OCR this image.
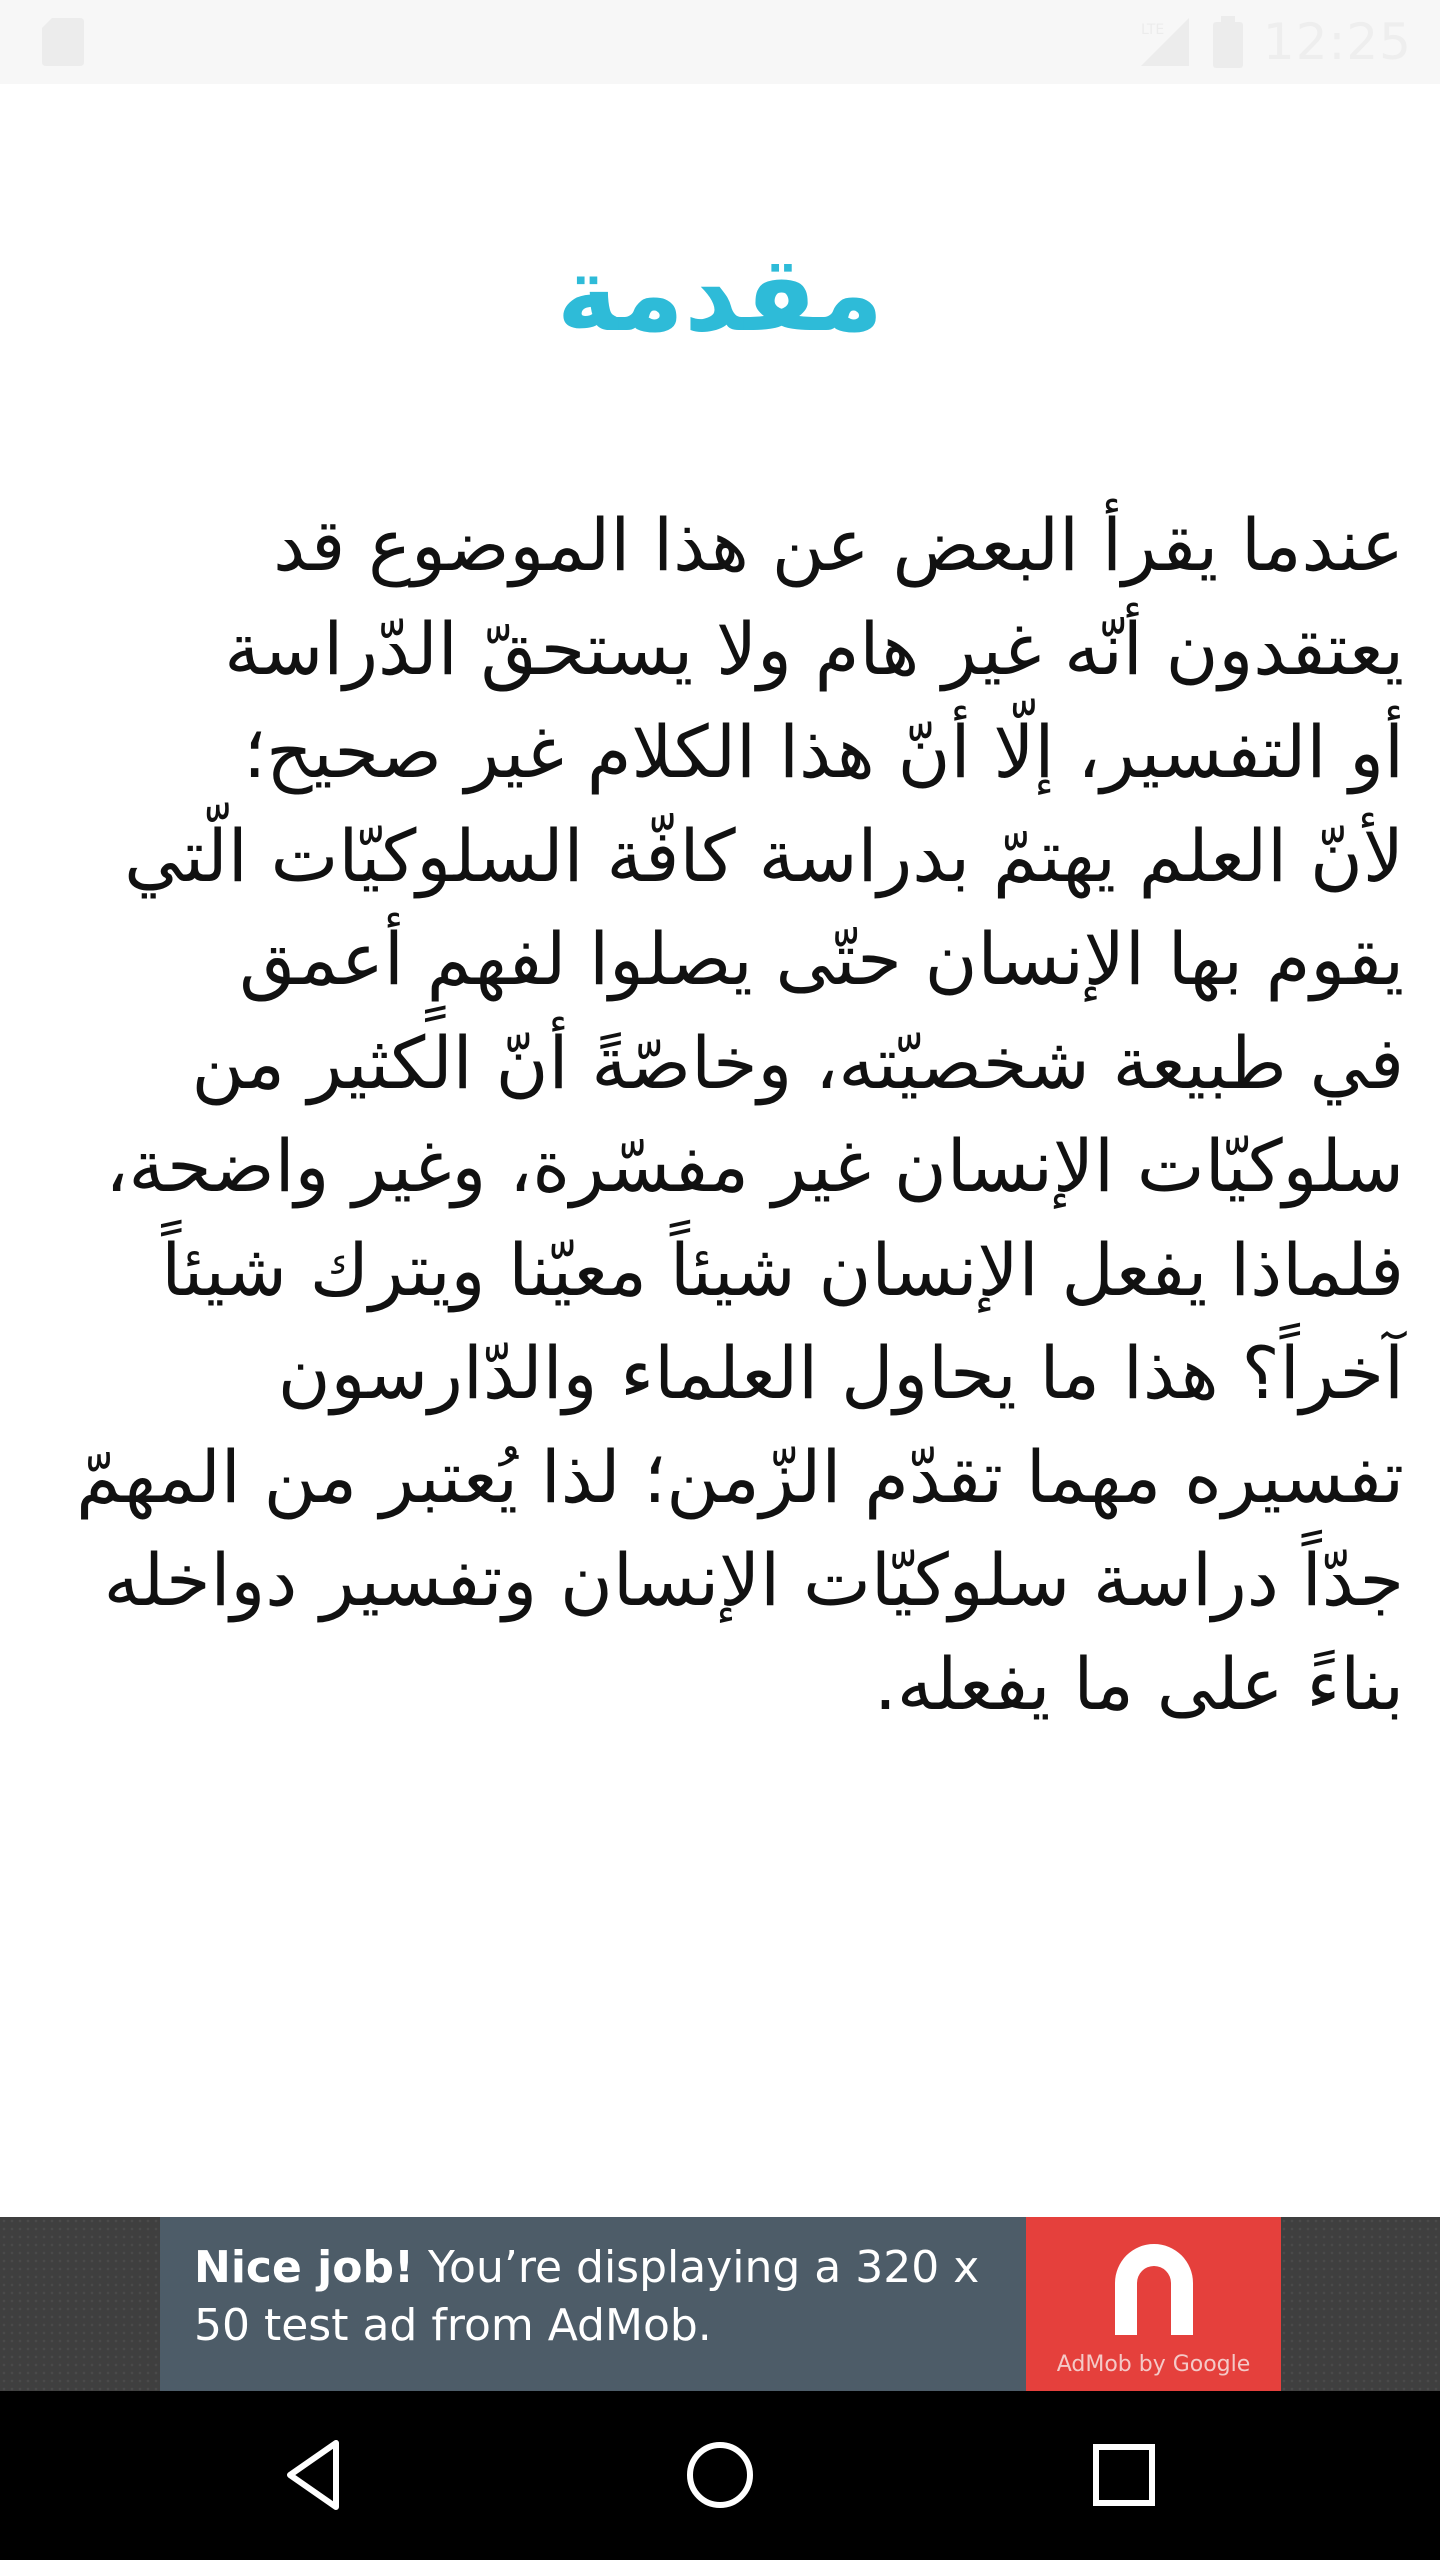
LTE 12:25
مقدمة
عندما يقرأ البعض عن هذا الموضوع قد
يعتقدون أنّه غير هام ولا يستحقّ الدّراسة
أو التفسير، إلّا أنّ هذا الكلام غير صحيح؛
لأنّ العلم يهتمّ بدراسة كافّة السلوكيّات الّتي
يقوم بها الإنسان حتّى يصلوا لفهمٍ أعمق
في طبيعة شخصيّته، وخاصّةً أنّ الكثير من
سلوكيّات الإنسان غير مفسّرة، وغير واضحة،
فلماذا يفعل الإنسان شيئاً معيّنا ويترك شيئاً
آخراً؟ هذا ما يحاول العلماء والدّارسون
تفسيره مهما تقدّم الزّمن؛ لذا يُعتبر من المهمّ
جدّاً دراسة سلوكيّات الإنسان وتفسير دواخله
بناءً على ما يفعله.
Nice job! You’re displaying a 320 x 50 test ad from AdMob.
AdMob by Google
